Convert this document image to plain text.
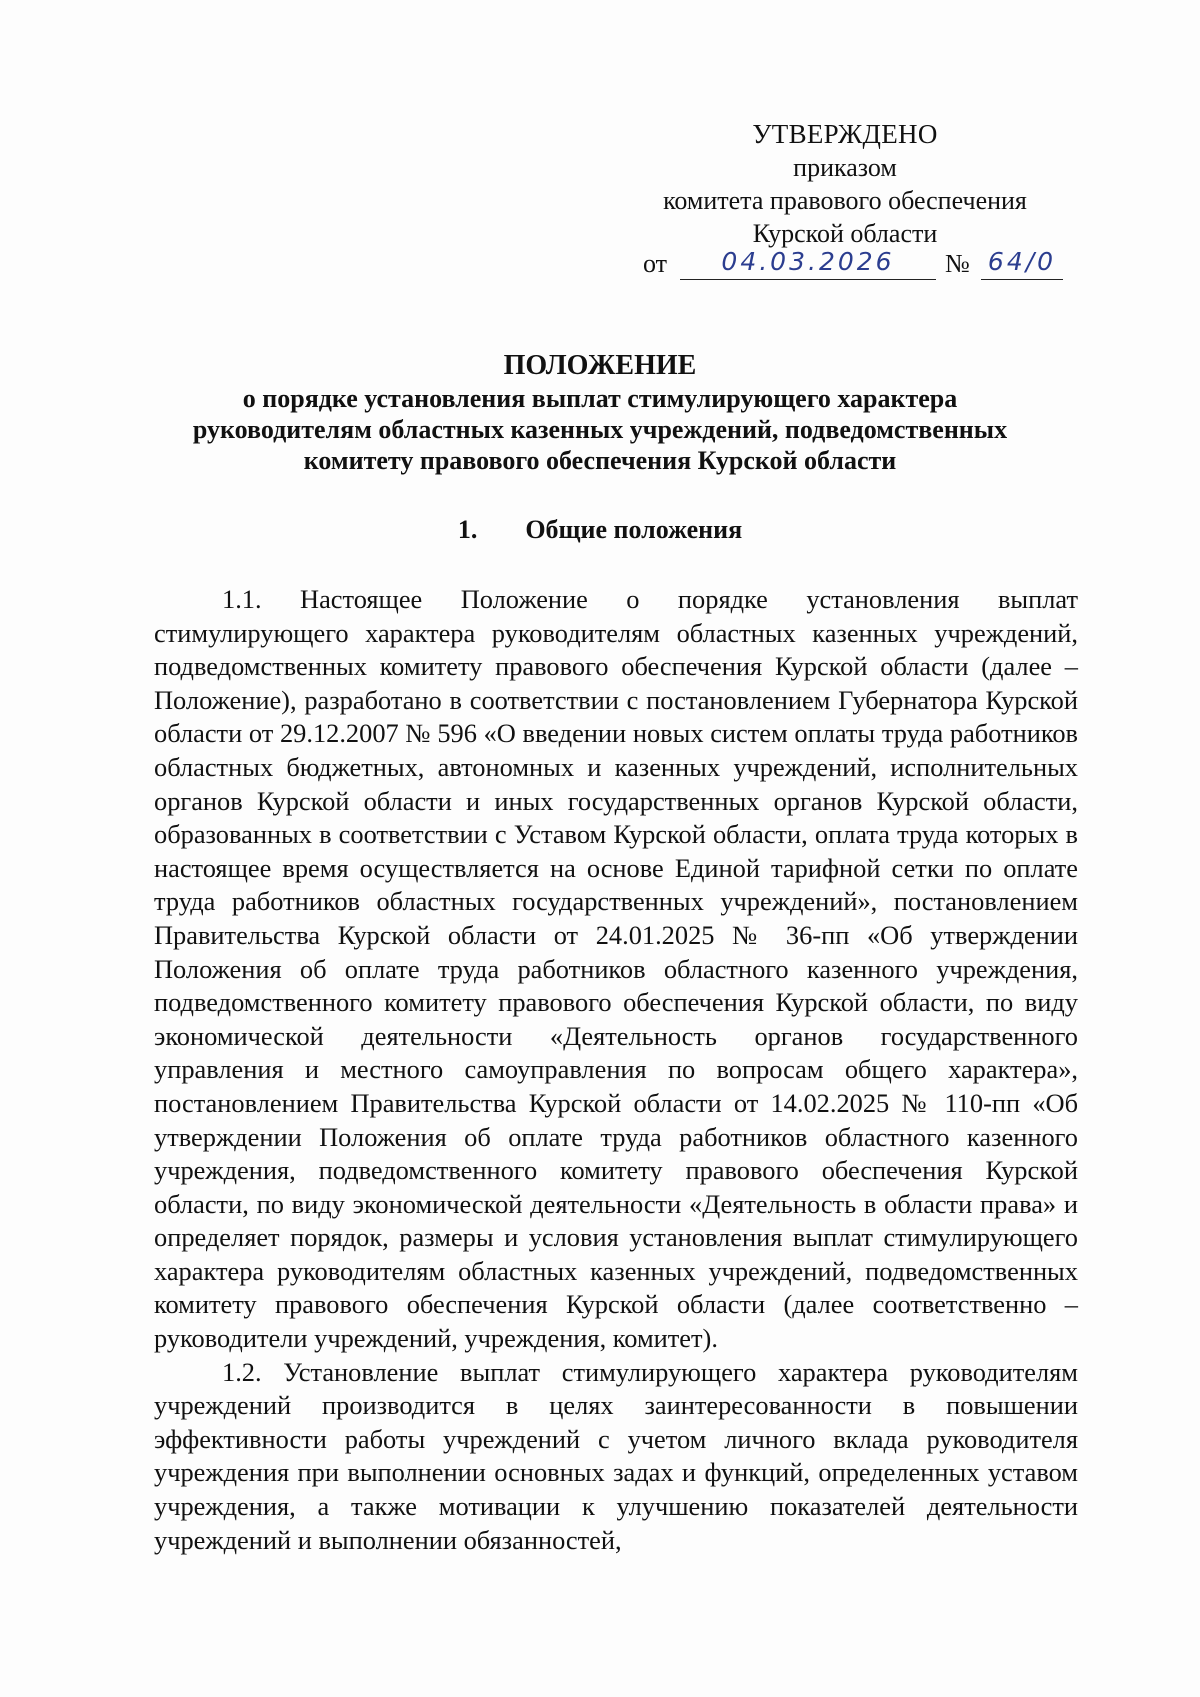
УТВЕРЖДЕНО
приказом
комитета правового обеспечения
Курской области
от	04.03.2026	№ 64/0
ПОЛОЖЕНИЕ
о порядке установления выплат стимулирующего характера
руководителям областных казенных учреждений, подведомственных
комитету правового обеспечения Курской области
1. Общие положения

1.1. Настоящее Положение о порядке установления выплат стимулирующего характера руководителям областных казенных учреждений, подведомственных комитету правового обеспечения Курской области (далее – Положение), разработано в соответствии с постановлением Губернатора Курской области от 29.12.2007 № 596 «О введении новых систем оплаты труда работников областных бюджетных, автономных и казенных учреждений, исполнительных органов Курской области и иных государственных органов Курской области, образованных в соответствии с Уставом Курской области, оплата труда которых в настоящее время осуществляется на основе Единой тарифной сетки по оплате труда работников областных государственных учреждений», постановлением Правительства Курской области от 24.01.2025 № 36-пп «Об утверждении Положения об оплате труда работников областного казенного учреждения, подведомственного комитету правового обеспечения Курской области, по виду экономической деятельности «Деятельность органов государственного управления и местного самоуправления по вопросам общего характера», постановлением Правительства Курской области от 14.02.2025 № 110-пп «Об утверждении Положения об оплате труда работников областного казенного учреждения, подведомственного комитету правового обеспечения Курской области, по виду экономической деятельности «Деятельность в области права» и определяет порядок, размеры и условия установления выплат стимулирующего характера руководителям областных казенных учреждений, подведомственных комитету правового обеспечения Курской области (далее соответственно – руководители учреждений, учреждения, комитет).

1.2. Установление выплат стимулирующего характера руководителям учреждений производится в целях заинтересованности в повышении эффективности работы учреждений с учетом личного вклада руководителя учреждения при выполнении основных задах и функций, определенных уставом учреждения, а также мотивации к улучшению показателей деятельности учреждений и выполнении обязанностей,
